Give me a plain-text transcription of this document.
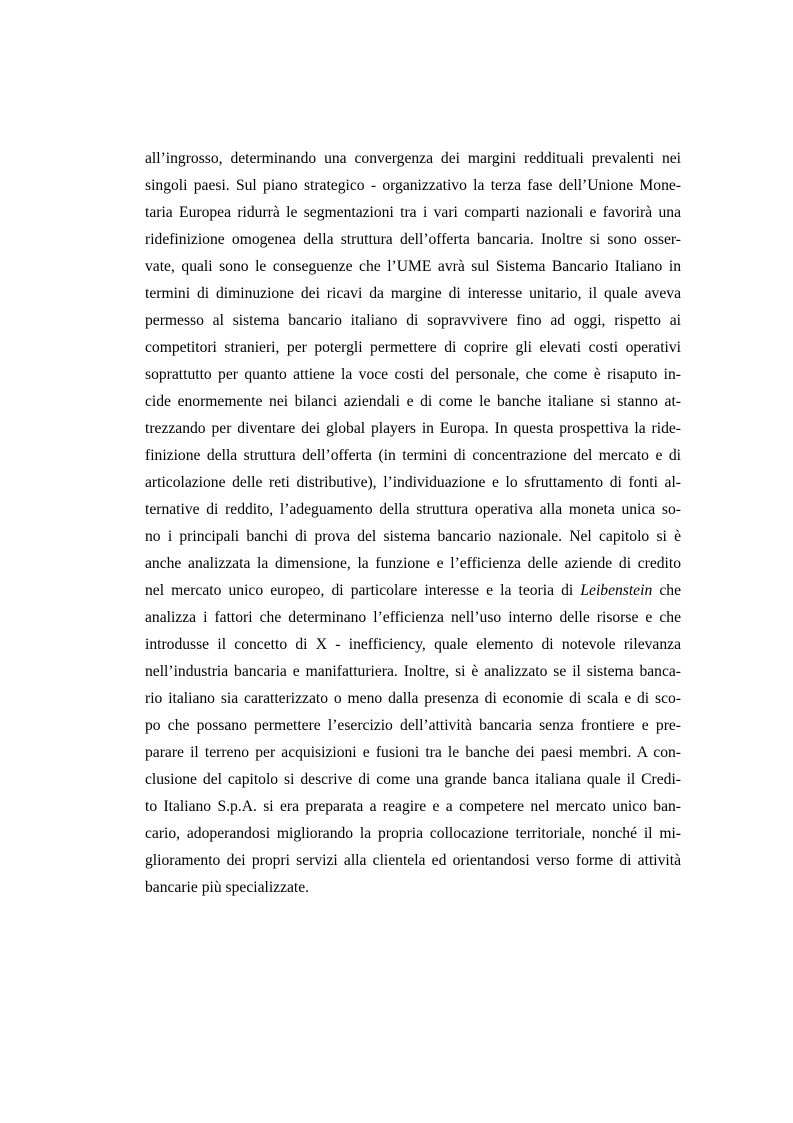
all’ingrosso, determinando una convergenza dei margini reddituali prevalenti nei
singoli paesi. Sul piano strategico - organizzativo la terza fase dell’Unione Mone-
taria Europea ridurrà le segmentazioni tra i vari comparti nazionali e favorirà una
ridefinizione omogenea della struttura dell’offerta bancaria. Inoltre si sono osser-
vate, quali sono le conseguenze che l’UME avrà sul Sistema Bancario Italiano in
termini di diminuzione dei ricavi da margine di interesse unitario, il quale aveva
permesso al sistema bancario italiano di sopravvivere fino ad oggi, rispetto ai
competitori stranieri, per potergli permettere di coprire gli elevati costi operativi
soprattutto per quanto attiene la voce costi del personale, che come è risaputo in-
cide enormemente nei bilanci aziendali e di come le banche italiane si stanno at-
trezzando per diventare dei global players in Europa. In questa prospettiva la ride-
finizione della struttura dell’offerta (in termini di concentrazione del mercato e di
articolazione delle reti distributive), l’individuazione e lo sfruttamento di fonti al-
ternative di reddito, l’adeguamento della struttura operativa alla moneta unica so-
no i principali banchi di prova del sistema bancario nazionale. Nel capitolo si è
anche analizzata la dimensione, la funzione e l’efficienza delle aziende di credito
nel mercato unico europeo, di particolare interesse e la teoria di Leibenstein che
analizza i fattori che determinano l’efficienza nell’uso interno delle risorse e che
introdusse il concetto di X - inefficiency, quale elemento di notevole rilevanza
nell’industria bancaria e manifatturiera. Inoltre, si è analizzato se il sistema banca-
rio italiano sia caratterizzato o meno dalla presenza di economie di scala e di sco-
po che possano permettere l’esercizio dell’attività bancaria senza frontiere e pre-
parare il terreno per acquisizioni e fusioni tra le banche dei paesi membri. A con-
clusione del capitolo si descrive di come una grande banca italiana quale il Credi-
to Italiano S.p.A. si era preparata a reagire e a competere nel mercato unico ban-
cario, adoperandosi migliorando la propria collocazione territoriale, nonché il mi-
glioramento dei propri servizi alla clientela ed orientandosi verso forme di attività
bancarie più specializzate.
